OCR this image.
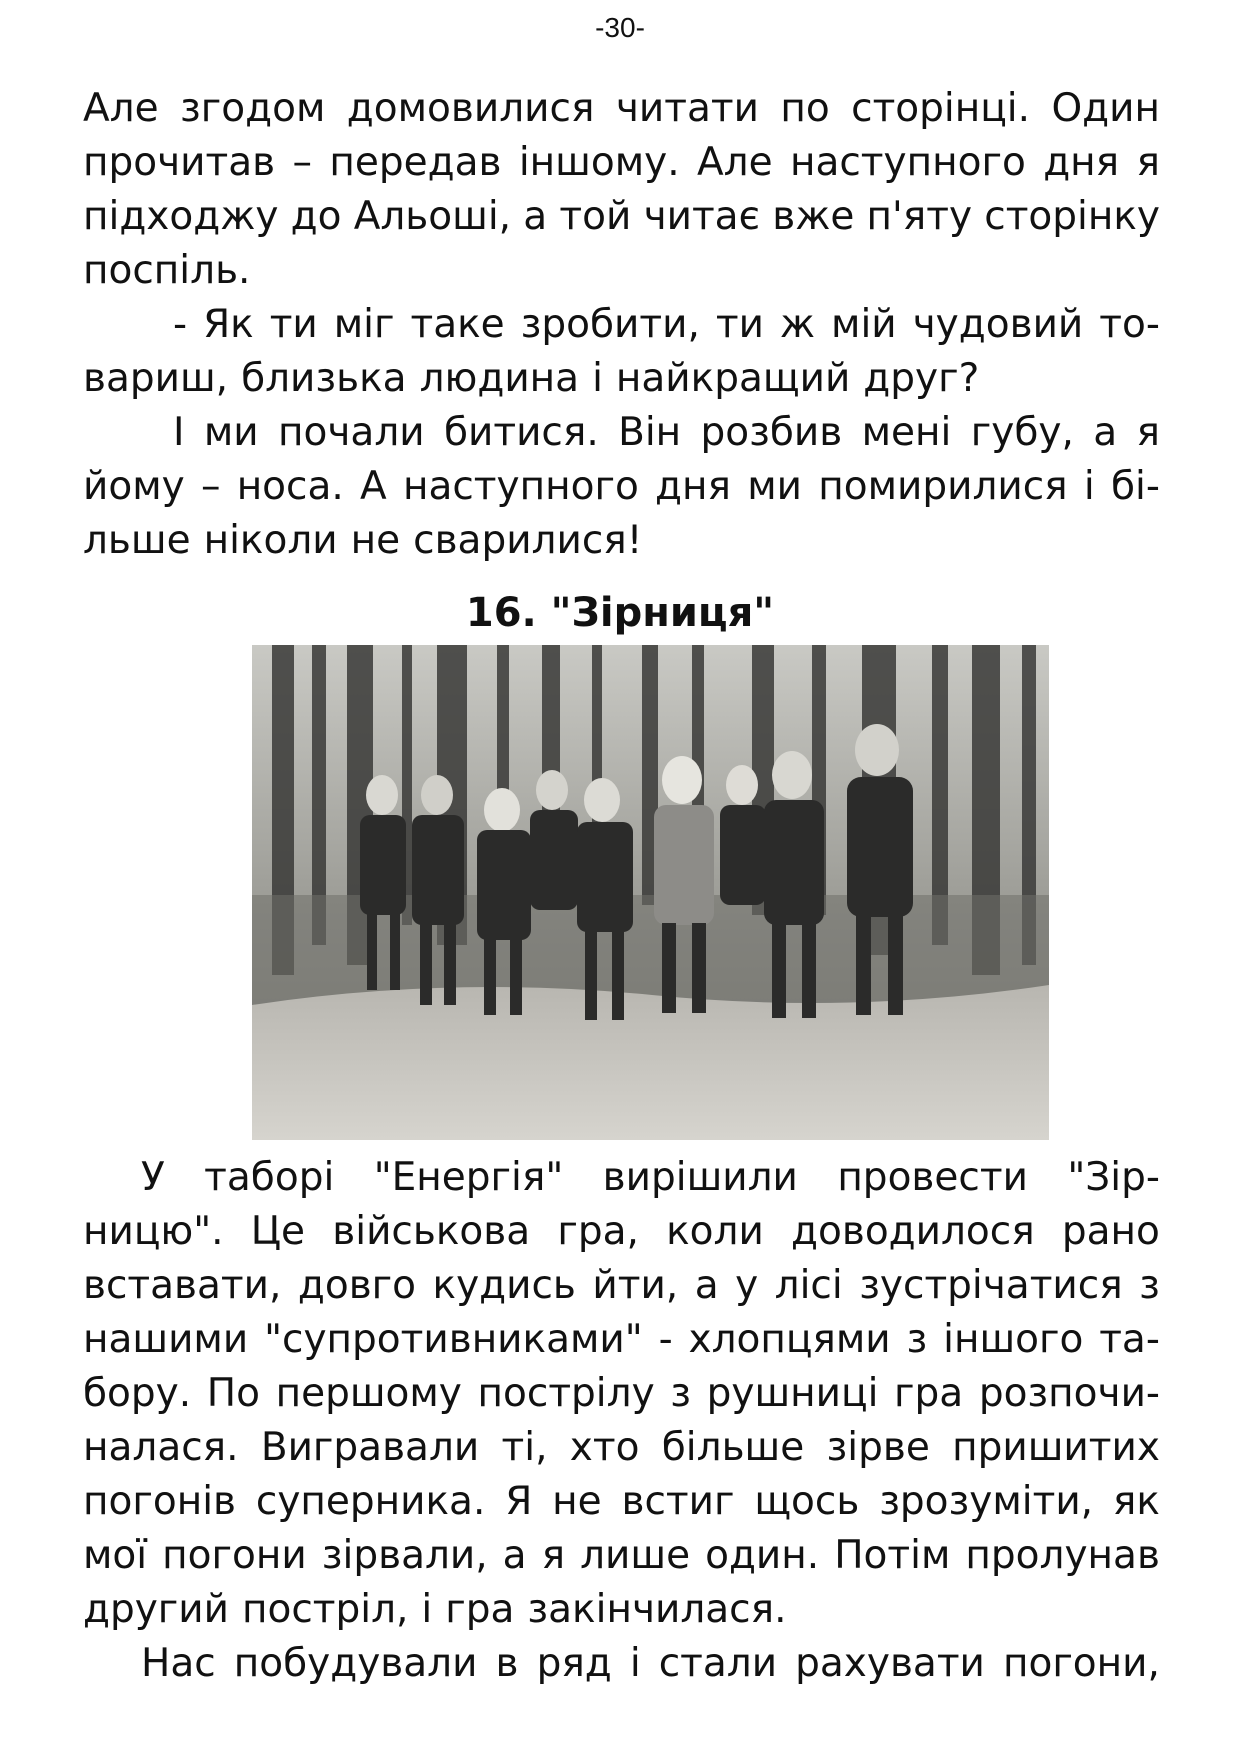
-30-
Але згодом домовилися читати по сторінці. Один
прочитав – передав іншому. Але наступного дня я
підходжу до Альоші, а той читає вже п'яту сторінку
поспіль.
- Як ти міг таке зробити, ти ж мій чудовий то-
вариш, близька людина і найкращий друг?
І ми почали битися. Він розбив мені губу, а я
йому – носа. А наступного дня ми помирилися і бі-
льше ніколи не сварилися!
16. "Зірниця"
У таборі "Енергія" вирішили провести "Зір-
ницю". Це військова гра, коли доводилося рано
вставати, довго кудись йти, а у лісі зустрічатися з
нашими "супротивниками" - хлопцями з іншого та-
бору. По першому пострілу з рушниці гра розпочи-
налася. Вигравали ті, хто більше зірве пришитих
погонів суперника. Я не встиг щось зрозуміти, як
мої погони зірвали, а я лише один. Потім пролунав
другий постріл, і гра закінчилася.
Нас побудували в ряд і стали рахувати погони,
